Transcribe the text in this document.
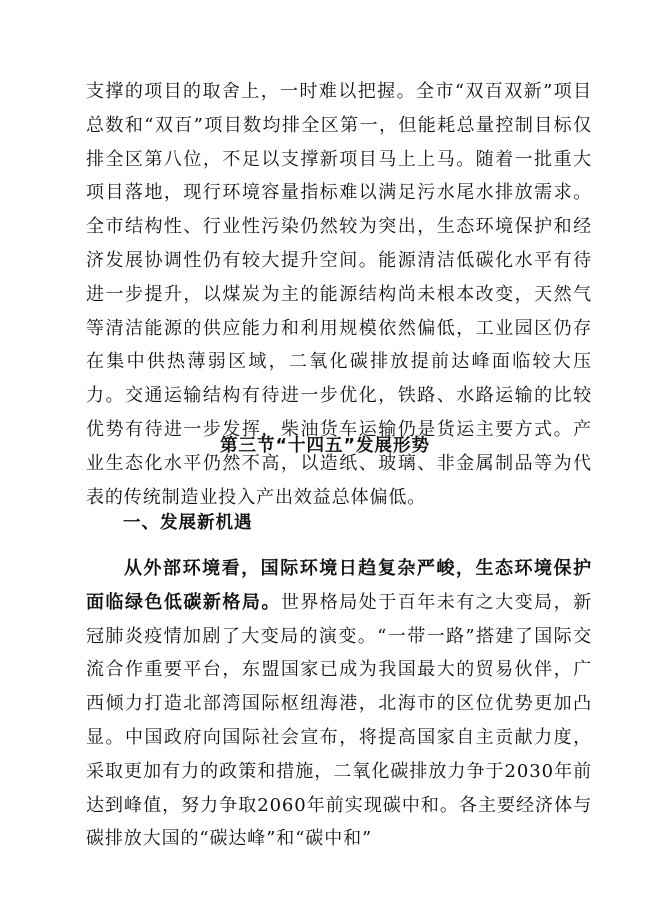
支撑的项目的取舍上，一时难以把握。全市“双百双新”项目总数和“双百”项目数均排全区第一，但能耗总量控制目标仅排全区第八位，不足以支撑新项目马上上马。随着一批重大项目落地，现行环境容量指标难以满足污水尾水排放需求。全市结构性、行业性污染仍然较为突出，生态环境保护和经济发展协调性仍有较大提升空间。能源清洁低碳化水平有待进一步提升，以煤炭为主的能源结构尚未根本改变，天然气等清洁能源的供应能力和利用规模依然偏低，工业园区仍存在集中供热薄弱区域，二氧化碳排放提前达峰面临较大压力。交通运输结构有待进一步优化，铁路、水路运输的比较优势有待进一步发挥，柴油货车运输仍是货运主要方式。产业生态化水平仍然不高，以造纸、玻璃、非金属制品等为代表的传统制造业投入产出效益总体偏低。

第三节“十四五”发展形势
一、发展新机遇

从外部环境看，国际环境日趋复杂严峻，生态环境保护面临绿色低碳新格局。世界格局处于百年未有之大变局，新冠肺炎疫情加剧了大变局的演变。“一带一路”搭建了国际交流合作重要平台，东盟国家已成为我国最大的贸易伙伴，广西倾力打造北部湾国际枢纽海港，北海市的区位优势更加凸显。中国政府向国际社会宣布，将提高国家自主贡献力度，采取更加有力的政策和措施，二氧化碳排放力争于2030年前达到峰值，努力争取2060年前实现碳中和。各主要经济体与碳排放大国的“碳达峰”和“碳中和”
